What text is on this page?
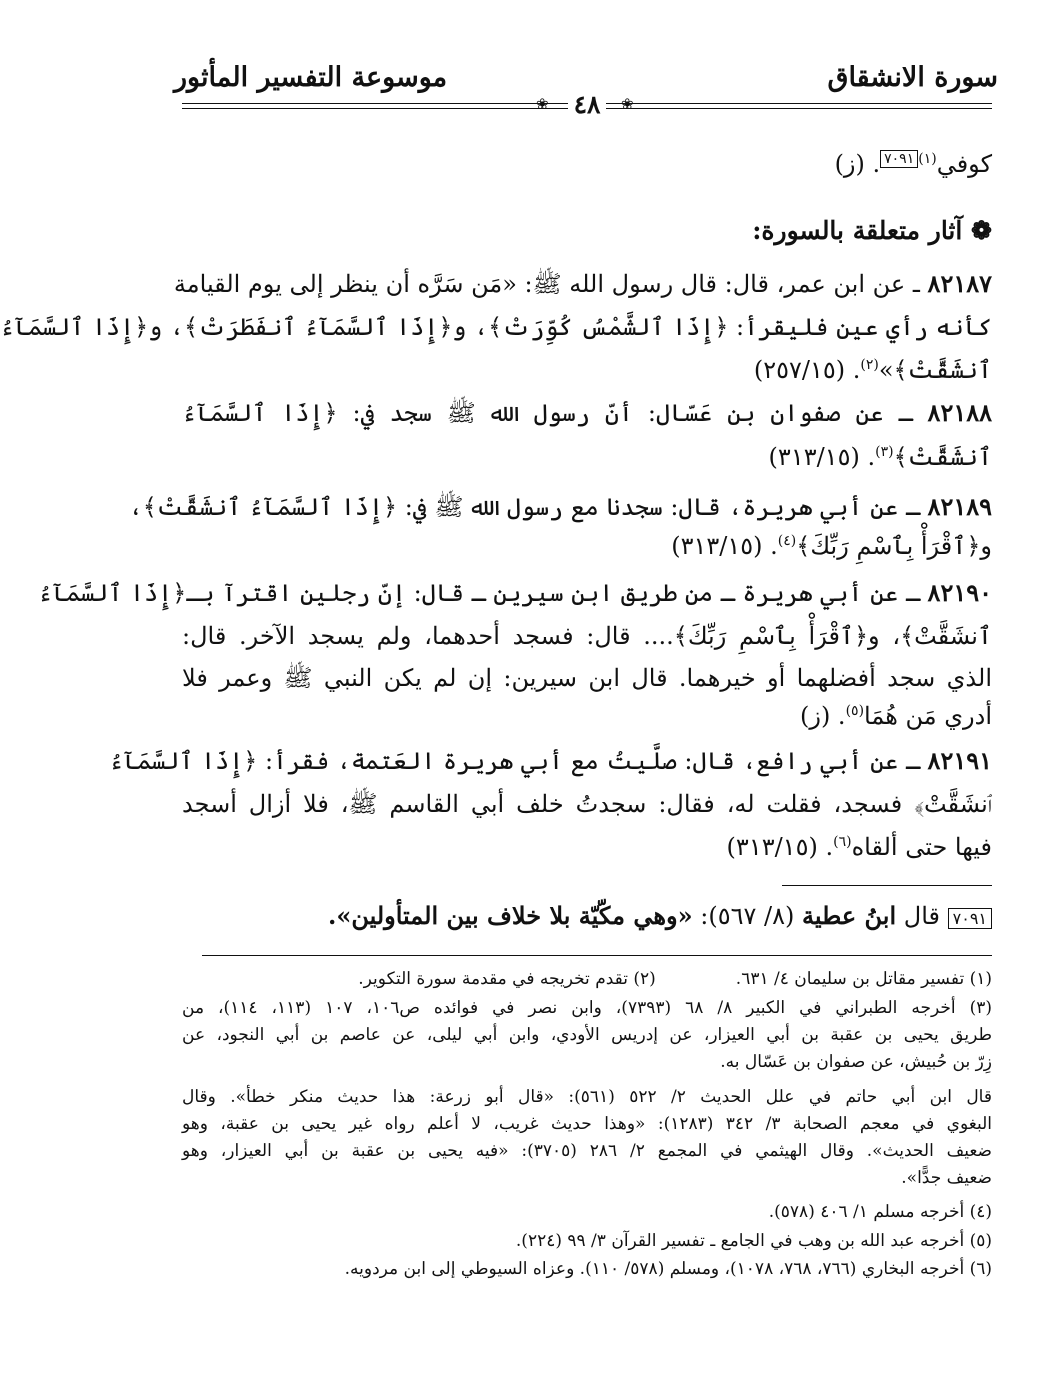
سورة الانشقاق
موسوعة التفسير المأثور
٤٨	❀
❀
كوفي$^{(١)٧٠٩١}$. (ز)
❁ آثار متعلقة بالسورة:
٨٢١٨٧ ـ عن ابن عمر، قال: قال رسول الله ﷺ: «مَن سَرَّه أن ينظر إلى يوم القيامة
كأنه رأي عين فليقرأ: ﴿إِذَا ٱلشَّمْسُ كُوِّرَتْ﴾، و﴿إِذَا ٱلسَّمَآءُ ٱنفَطَرَتْ﴾، و﴿إِذَا ٱلسَّمَآءُ
ٱنشَقَّتْ﴾»$^{(٢)}$. (٢٥٧/١٥)
٨٢١٨٨ ـ عن صفوان بن عَسّال: أنّ رسول الله ﷺ سجد في: ﴿إِذَا ٱلسَّمَآءُ
ٱنشَقَّتْ﴾$^{(٣)}$. (٣١٣/١٥)
٨٢١٨٩ ـ عن أبي هريرة، قال: سجدنا مع رسول الله ﷺ في: ﴿إِذَا ٱلسَّمَآءُ ٱنشَقَّتْ﴾،
و﴿ٱقْرَأْ بِٱسْمِ رَبِّكَ﴾$^{(٤)}$. (٣١٣/١٥)
٨٢١٩٠ ـ عن أبي هريرة ـ من طريق ابن سيرين ـ قال: إنّ رجلين اقترآ بـ﴿إِذَا ٱلسَّمَآءُ
ٱنشَقَّتْ﴾، و﴿ٱقْرَأْ بِٱسْمِ رَبِّكَ﴾.... قال: فسجد أحدهما، ولم يسجد الآخر. قال:
الذي سجد أفضلهما أو خيرهما. قال ابن سيرين: إن لم يكن النبي ﷺ وعمر فلا
أدري مَن هُمَا$^{(٥)}$. (ز)
٨٢١٩١ ـ عن أبي رافع، قال: صلَّيتُ مع أبي هريرة العَتمة، فقرأ: ﴿إِذَا ٱلسَّمَآءُ
ٱنشَقَّتْ﴾ فسجد، فقلت له، فقال: سجدتُ خلف أبي القاسم ﷺ، فلا أزال أسجد
فيها حتى ألقاه$^{(٦)}$. (٣١٣/١٥)
٧٠٩١ قال ابنُ عطية (٨/ ٥٦٧): «وهي مكّيّة بلا خلاف بين المتأولين».
(١) تفسير مقاتل بن سليمان ٤/ ٦٣١.
(٢) تقدم تخريجه في مقدمة سورة التكوير.
(٣) أخرجه الطبراني في الكبير ٨/ ٦٨ (٧٣٩٣)، وابن نصر في فوائده ص١٠٦، ١٠٧ (١١٣، ١١٤)، من
طريق يحيى بن عقبة بن أبي العيزار، عن إدريس الأودي، وابن أبي ليلى، عن عاصم بن أبي النجود، عن
زِرّ بن حُبيش، عن صفوان بن عَسّال به.
قال ابن أبي حاتم في علل الحديث ٢/ ٥٢٢ (٥٦١): «قال أبو زرعة: هذا حديث منكر خطأ». وقال
البغوي في معجم الصحابة ٣/ ٣٤٢ (١٢٨٣): «وهذا حديث غريب، لا أعلم رواه غير يحيى بن عقبة، وهو
ضعيف الحديث». وقال الهيثمي في المجمع ٢/ ٢٨٦ (٣٧٠٥): «فيه يحيى بن عقبة بن أبي العيزار، وهو
ضعيف جدًّا».
(٤) أخرجه مسلم ١/ ٤٠٦ (٥٧٨).
(٥) أخرجه عبد الله بن وهب في الجامع ـ تفسير القرآن ٣/ ٩٩ (٢٢٤).
(٦) أخرجه البخاري (٧٦٦، ٧٦٨، ١٠٧٨)، ومسلم (٥٧٨/ ١١٠). وعزاه السيوطي إلى ابن مردويه.
